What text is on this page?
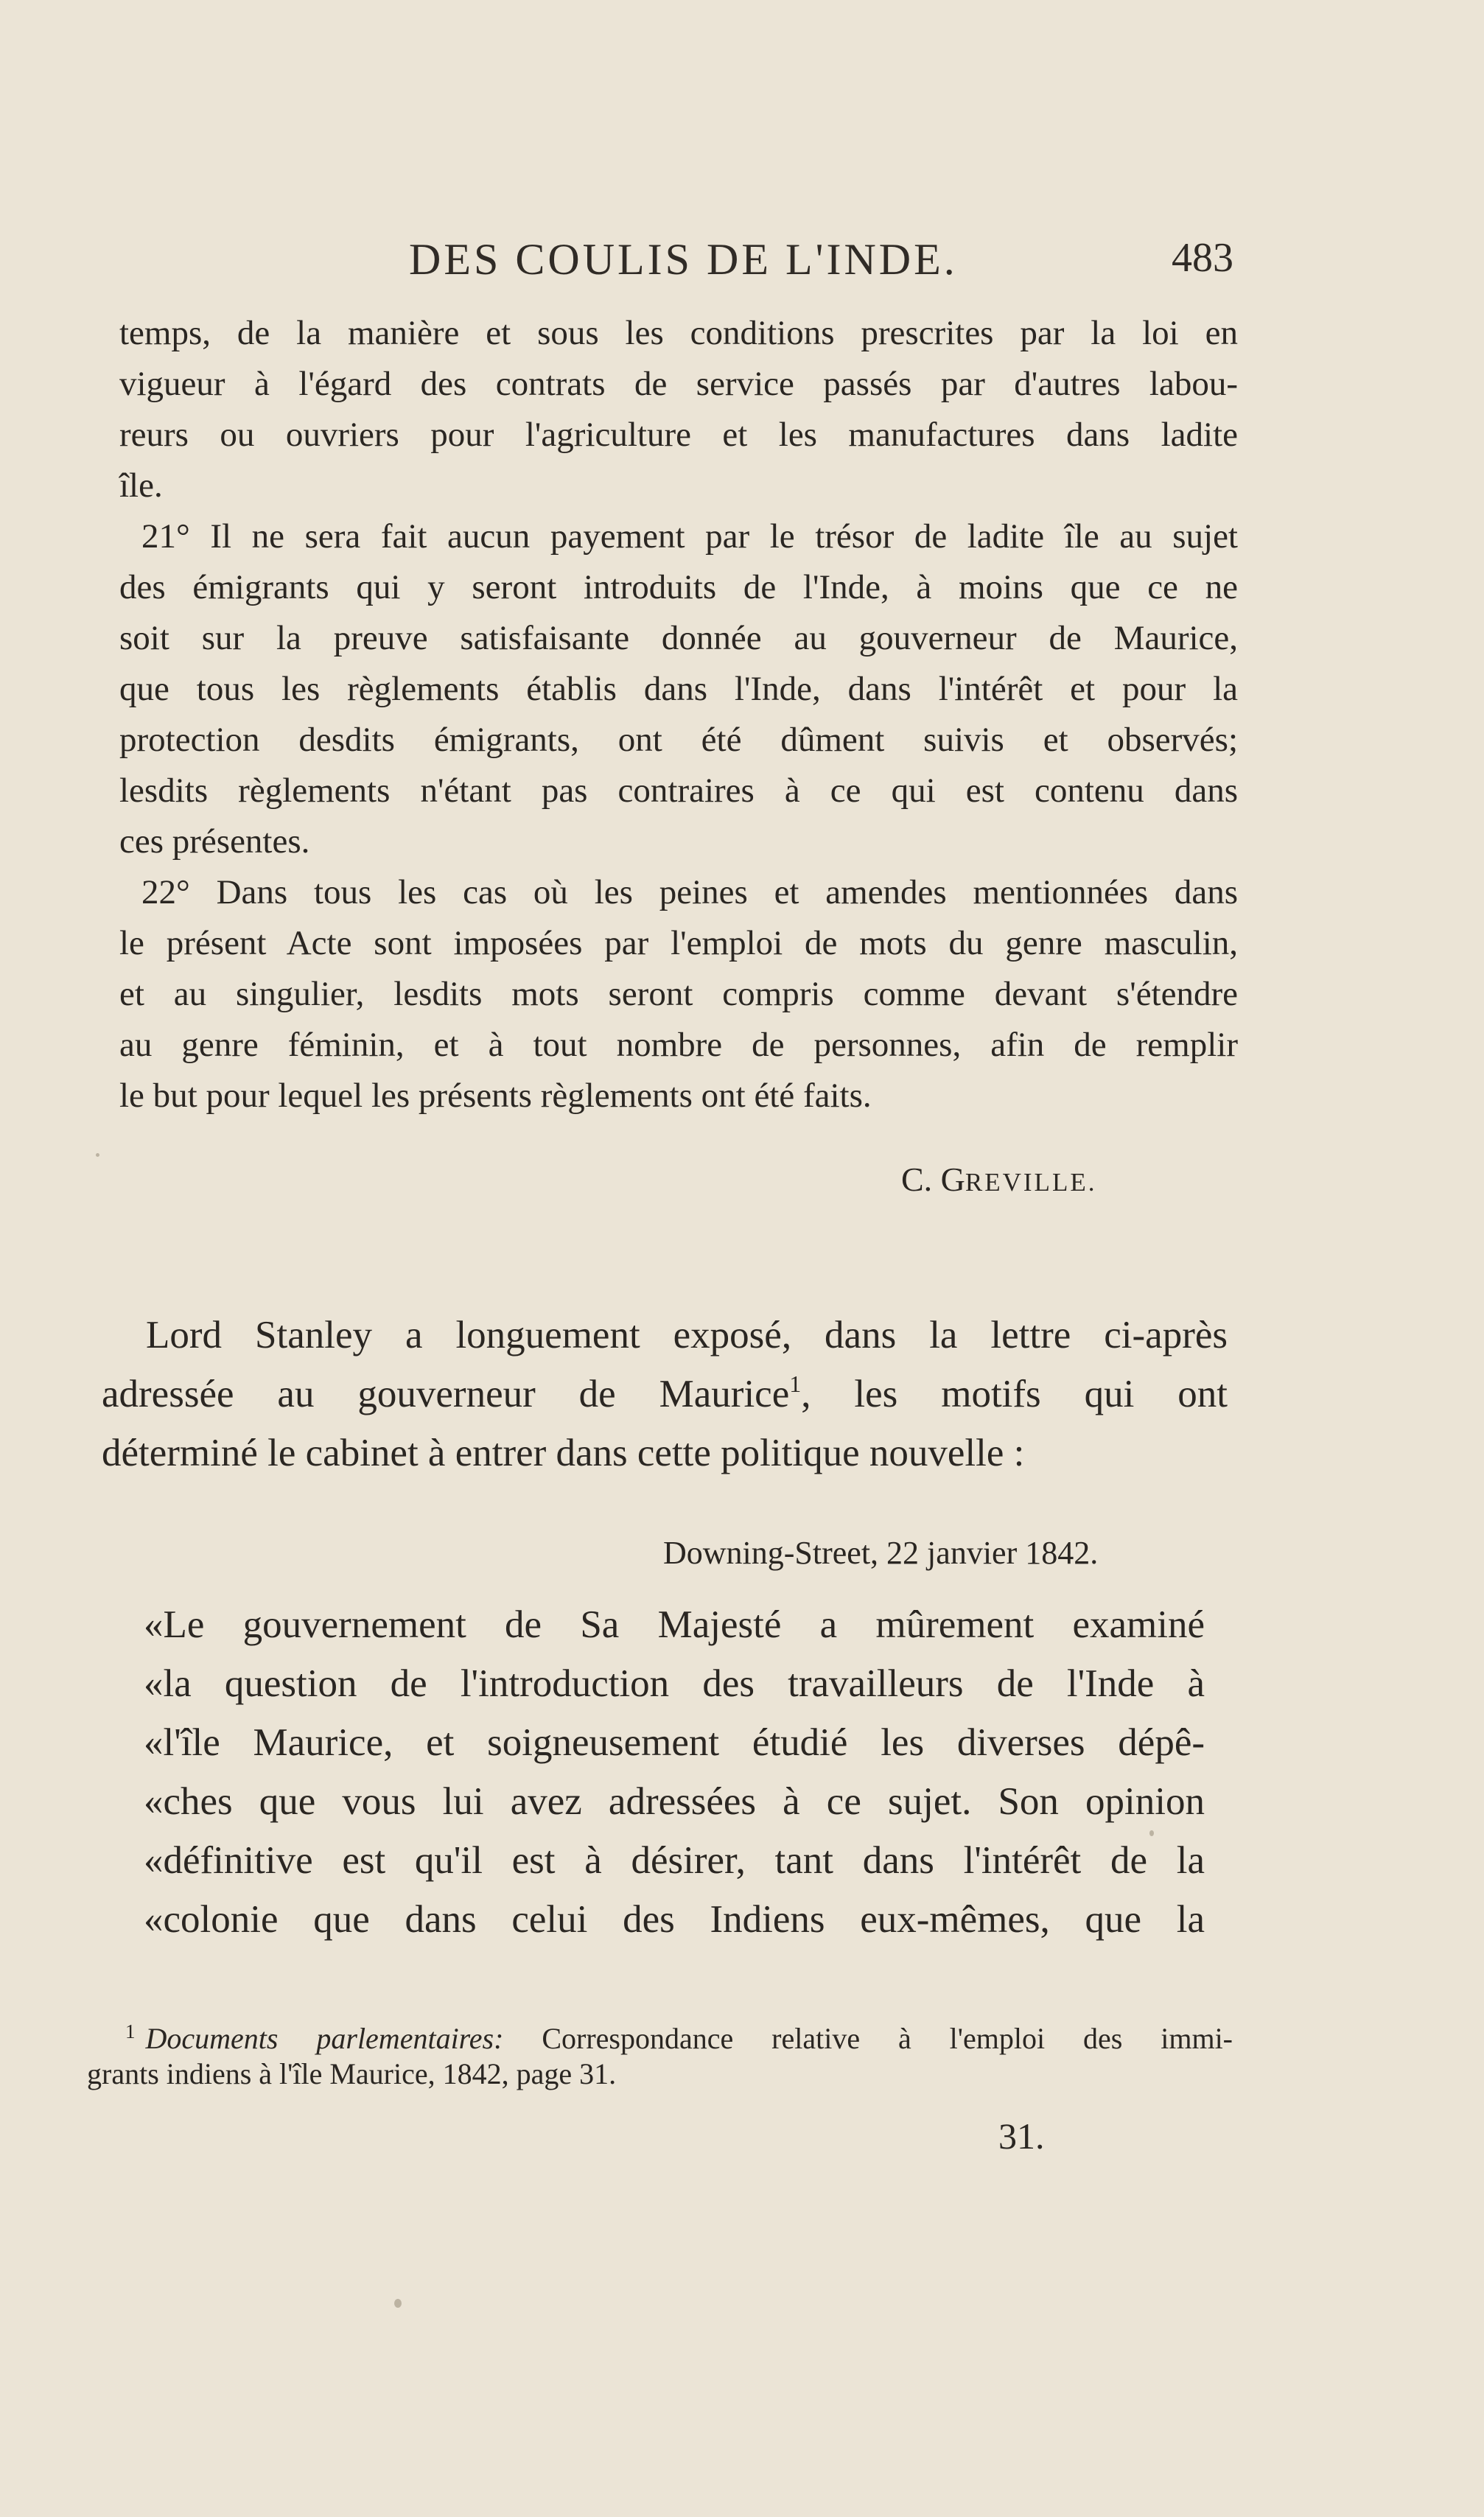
DES COULIS DE L'INDE.	483
temps, de la manière et sous les conditions prescrites par la loi en
vigueur à l'égard des contrats de service passés par d'autres labou-
reurs ou ouvriers pour l'agriculture et les manufactures dans ladite
île.
21° Il ne sera fait aucun payement par le trésor de ladite île au sujet
des émigrants qui y seront introduits de l'Inde, à moins que ce ne
soit sur la preuve satisfaisante donnée au gouverneur de Maurice,
que tous les règlements établis dans l'Inde, dans l'intérêt et pour la
protection desdits émigrants, ont été dûment suivis et observés;
lesdits règlements n'étant pas contraires à ce qui est contenu dans
ces présentes.
22° Dans tous les cas où les peines et amendes mentionnées dans
le présent Acte sont imposées par l'emploi de mots du genre masculin,
et au singulier, lesdits mots seront compris comme devant s'étendre
au genre féminin, et à tout nombre de personnes, afin de remplir
le but pour lequel les présents règlements ont été faits.
C. GREVILLE.
Lord Stanley a longuement exposé, dans la lettre ci-après
adressée au gouverneur de Maurice$^1$, les motifs qui ont
déterminé le cabinet à entrer dans cette politique nouvelle :
Downing-Street, 22 janvier 1842.
«Le gouvernement de Sa Majesté a mûrement examiné
«la question de l'introduction des travailleurs de l'Inde à
«l'île Maurice, et soigneusement étudié les diverses dépê-
«ches que vous lui avez adressées à ce sujet. Son opinion
«définitive est qu'il est à désirer, tant dans l'intérêt de la
«colonie que dans celui des Indiens eux-mêmes, que la
$^1$ Documents parlementaires: Correspondance relative à l'emploi des immi-
grants indiens à l'île Maurice, 1842, page 31.
31.
